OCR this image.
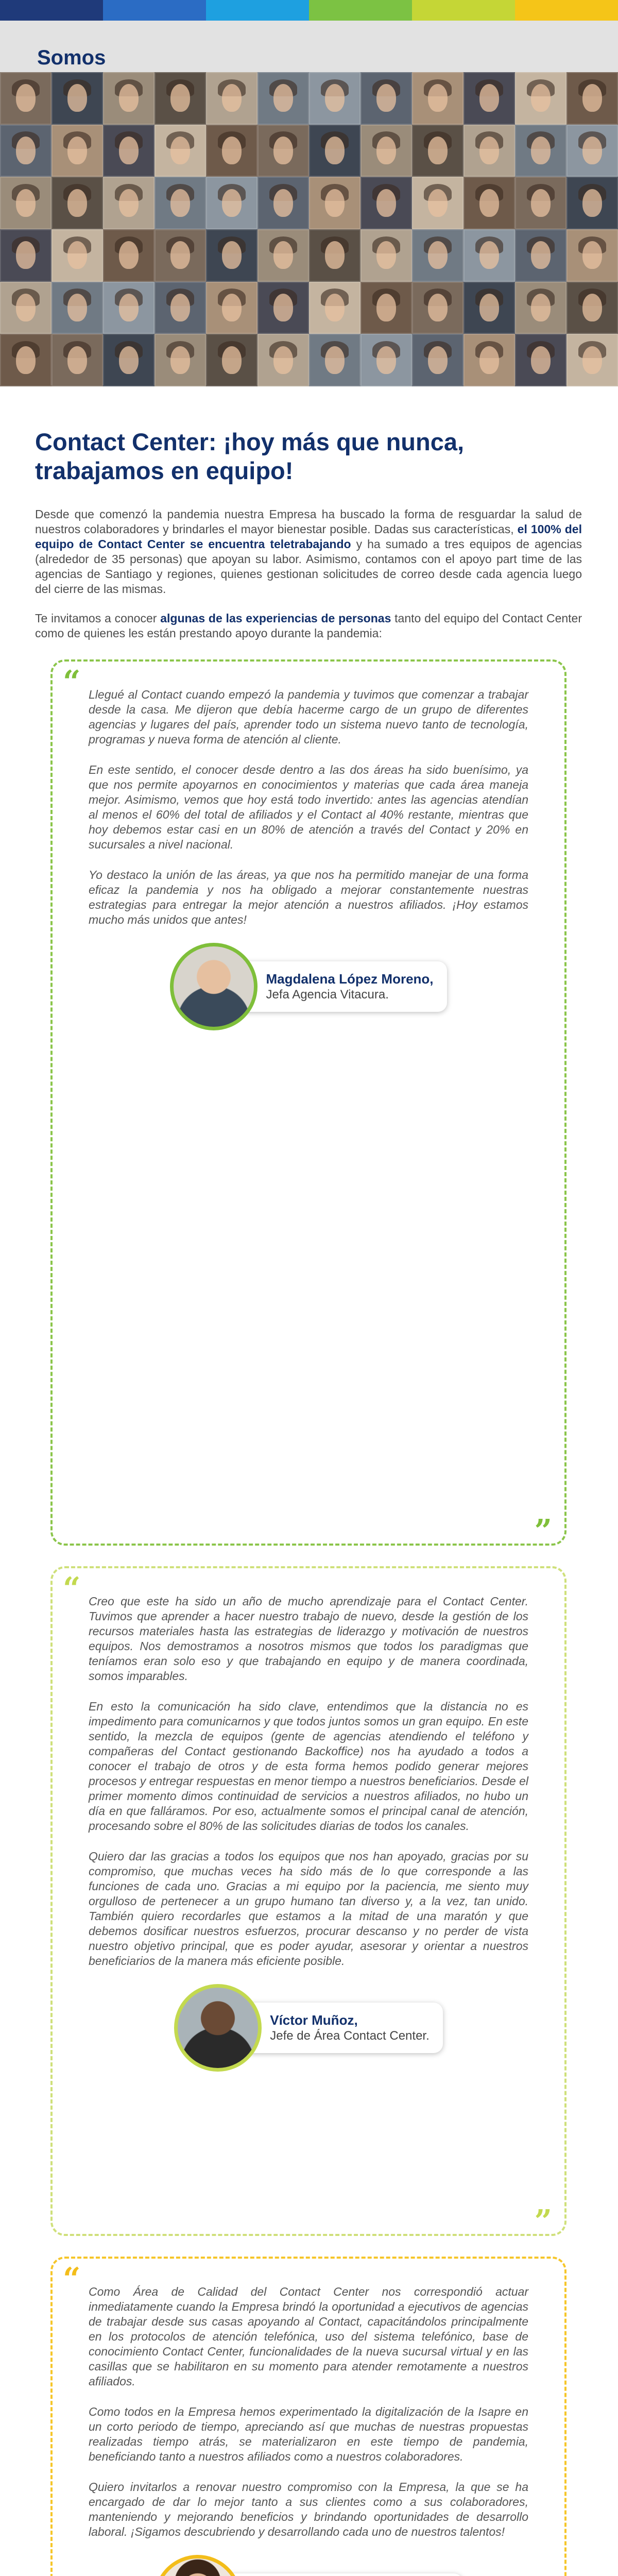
Somos
Contact Center: ¡hoy más que nunca,
trabajamos en equipo!

Desde que comenzó la pandemia nuestra Empresa ha buscado la forma de resguardar la salud de nuestros colaboradores y brindarles el mayor bienestar posible. Dadas sus características, el 100% del equipo de Contact Center se encuentra teletrabajando y ha sumado a tres equipos de agencias (alrededor de 35 personas) que apoyan su labor. Asimismo, contamos con el apoyo part time de las agencias de Santiago y regiones, quienes gestionan solicitudes de correo desde cada agencia luego del cierre de las mismas.

Te invitamos a conocer algunas de las experiencias de personas tanto del equipo del Contact Center como de quienes les están prestando apoyo durante la pandemia:

“ Llegué al Contact cuando empezó la pandemia y tuvimos que comenzar a trabajar desde la casa. Me dijeron que debía hacerme cargo de un grupo de diferentes agencias y lugares del país, aprender todo un sistema nuevo tanto de tecnología, programas y nueva forma de atención al cliente.

En este sentido, el conocer desde dentro a las dos áreas ha sido buenísimo, ya que nos permite apoyarnos en conocimientos y materias que cada área maneja mejor. Asimismo, vemos que hoy está todo invertido: antes las agencias atendían al menos el 60% del total de afiliados y el Contact al 40% restante, mientras que hoy debemos estar casi en un 80% de atención a través del Contact y 20% en sucursales a nivel nacional.

Yo destaco la unión de las áreas, ya que nos ha permitido manejar de una forma eficaz la pandemia y nos ha obligado a mejorar constantemente nuestras estrategias para entregar la mejor atención a nuestros afiliados. ¡Hoy estamos mucho más unidos que antes!

Magdalena López Moreno,
Jefa Agencia Vitacura.
”
“ Creo que este ha sido un año de mucho aprendizaje para el Contact Center. Tuvimos que aprender a hacer nuestro trabajo de nuevo, desde la gestión de los recursos materiales hasta las estrategias de liderazgo y motivación de nuestros equipos. Nos demostramos a nosotros mismos que todos los paradigmas que teníamos eran solo eso y que trabajando en equipo y de manera coordinada, somos imparables.

En esto la comunicación ha sido clave, entendimos que la distancia no es impedimento para comunicarnos y que todos juntos somos un gran equipo. En este sentido, la mezcla de equipos (gente de agencias atendiendo el teléfono y compañeras del Contact gestionando Backoffice) nos ha ayudado a todos a conocer el trabajo de otros y de esta forma hemos podido generar mejores procesos y entregar respuestas en menor tiempo a nuestros beneficiarios. Desde el primer momento dimos continuidad de servicios a nuestros afiliados, no hubo un día en que falláramos. Por eso, actualmente somos el principal canal de atención, procesando sobre el 80% de las solicitudes diarias de todos los canales.

Quiero dar las gracias a todos los equipos que nos han apoyado, gracias por su compromiso, que muchas veces ha sido más de lo que corresponde a las funciones de cada uno. Gracias a mi equipo por la paciencia, me siento muy orgulloso de pertenecer a un grupo humano tan diverso y, a la vez, tan unido. También quiero recordarles que estamos a la mitad de una maratón y que debemos dosificar nuestros esfuerzos, procurar descanso y no perder de vista nuestro objetivo principal, que es poder ayudar, asesorar y orientar a nuestros beneficiarios de la manera más eficiente posible.

Víctor Muñoz,
Jefe de Área Contact Center.
”
“ Como Área de Calidad del Contact Center nos correspondió actuar inmediatamente cuando la Empresa brindó la oportunidad a ejecutivos de agencias de trabajar desde sus casas apoyando al Contact, capacitándolos principalmente en los protocolos de atención telefónica, uso del sistema telefónico, base de conocimiento Contact Center, funcionalidades de la nueva sucursal virtual y en las casillas que se habilitaron en su momento para atender remotamente a nuestros afiliados.

Como todos en la Empresa hemos experimentado la digitalización de la Isapre en un corto periodo de tiempo, apreciando así que muchas de nuestras propuestas realizadas tiempo atrás, se materializaron en este tiempo de pandemia, beneficiando tanto a nuestros afiliados como a nuestros colaboradores.

Quiero invitarlos a renovar nuestro compromiso con la Empresa, la que se ha encargado de dar lo mejor tanto a sus clientes como a sus colaboradores, manteniendo y mejorando beneficios y brindando oportunidades de desarrollo laboral. ¡Sigamos descubriendo y desarrollando cada uno de nuestros talentos!
